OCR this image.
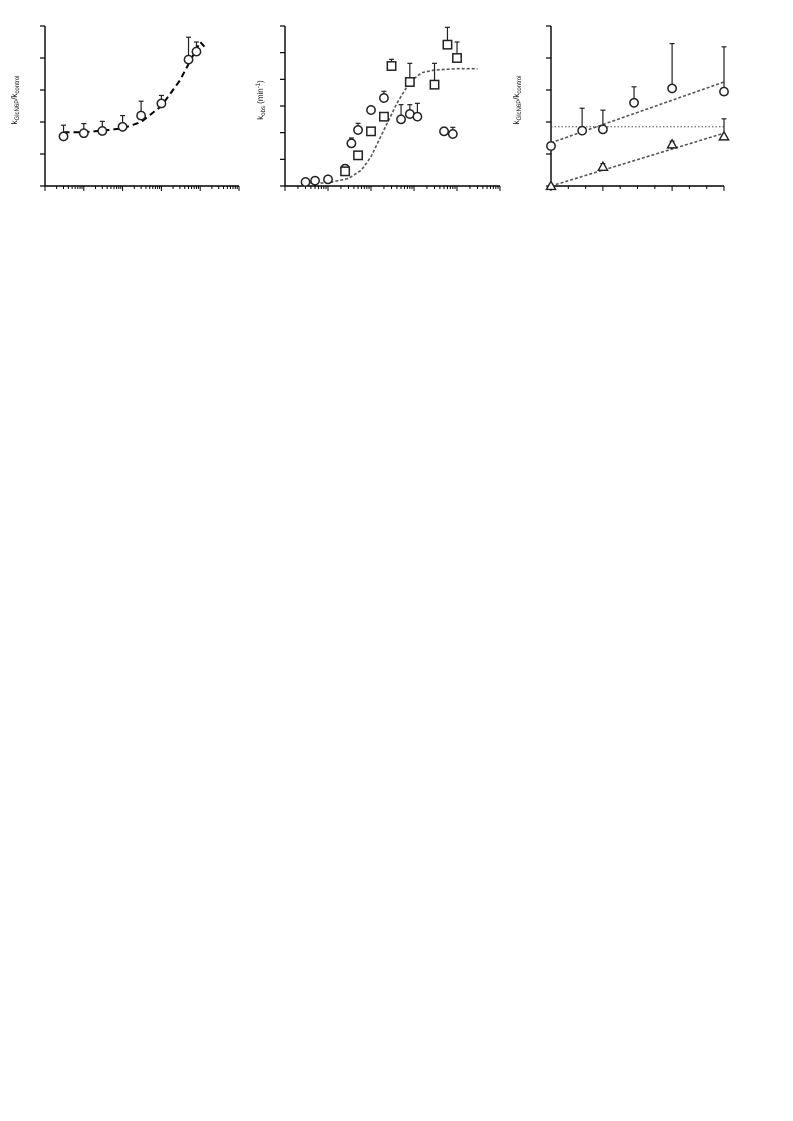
$k_{GlcN6P}/k_{control}$
$k_{obs}$ $(\min^{-1})$
$k_{GlcN6P}/k_{control}$
